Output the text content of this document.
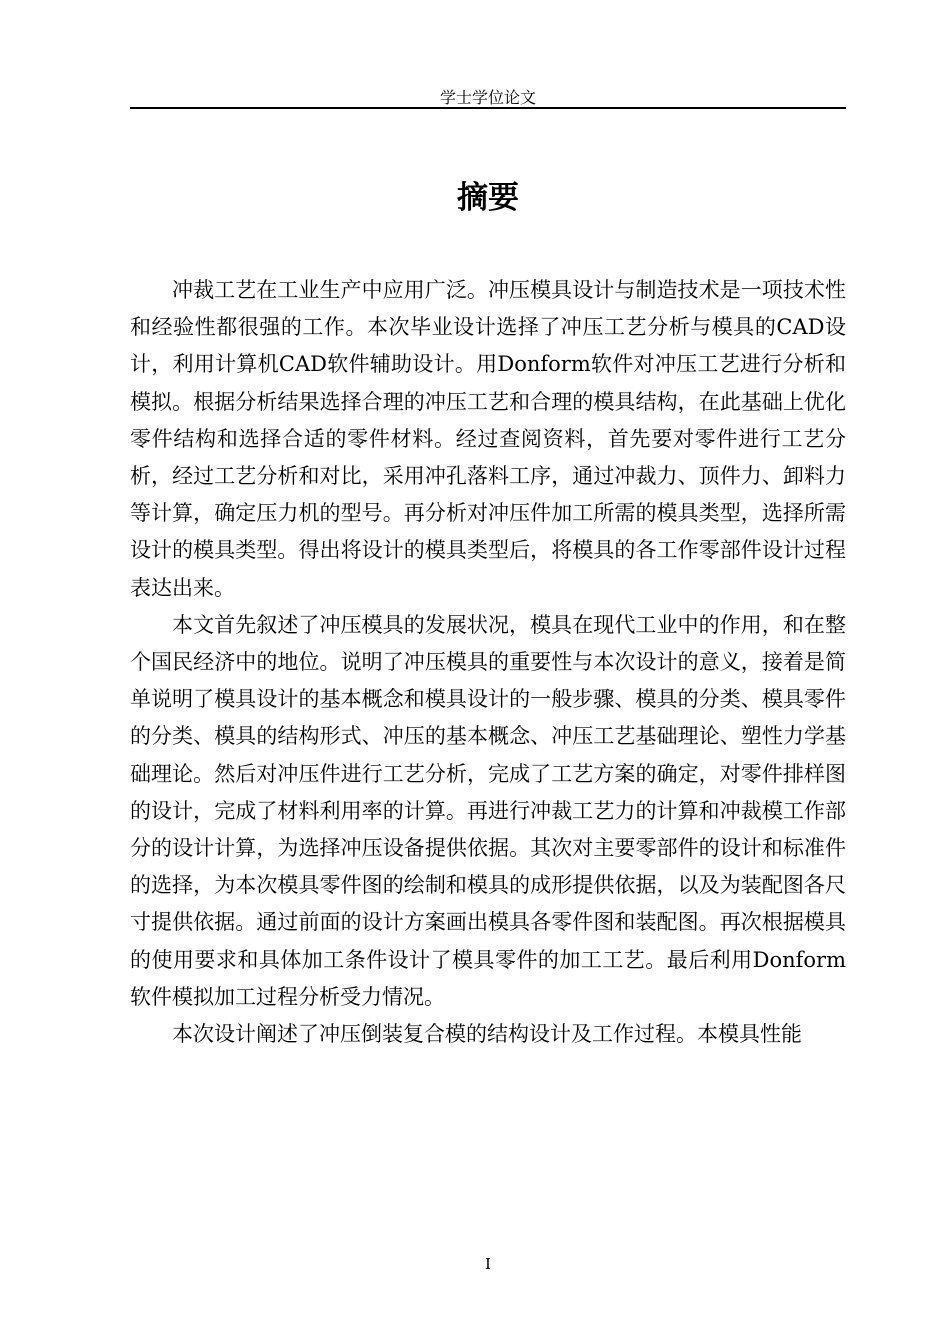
学士学位论文
摘要

冲裁工艺在工业生产中应用广泛。冲压模具设计与制造技术是一项技术性和经验性都很强的工作。本次毕业设计选择了冲压工艺分析与模具的CAD设计，利用计算机CAD软件辅助设计。用Donform软件对冲压工艺进行分析和模拟。根据分析结果选择合理的冲压工艺和合理的模具结构，在此基础上优化零件结构和选择合适的零件材料。经过查阅资料，首先要对零件进行工艺分析，经过工艺分析和对比，采用冲孔落料工序，通过冲裁力、顶件力、卸料力等计算，确定压力机的型号。再分析对冲压件加工所需的模具类型，选择所需设计的模具类型。得出将设计的模具类型后，将模具的各工作零部件设计过程表达出来。

本文首先叙述了冲压模具的发展状况，模具在现代工业中的作用，和在整个国民经济中的地位。说明了冲压模具的重要性与本次设计的意义，接着是简单说明了模具设计的基本概念和模具设计的一般步骤、模具的分类、模具零件的分类、模具的结构形式、冲压的基本概念、冲压工艺基础理论、塑性力学基础理论。然后对冲压件进行工艺分析，完成了工艺方案的确定，对零件排样图的设计，完成了材料利用率的计算。再进行冲裁工艺力的计算和冲裁模工作部分的设计计算，为选择冲压设备提供依据。其次对主要零部件的设计和标准件的选择，为本次模具零件图的绘制和模具的成形提供依据，以及为装配图各尺寸提供依据。通过前面的设计方案画出模具各零件图和装配图。再次根据模具的使用要求和具体加工条件设计了模具零件的加工工艺。最后利用Donform软件模拟加工过程分析受力情况。

本次设计阐述了冲压倒装复合模的结构设计及工作过程。本模具性能

I
